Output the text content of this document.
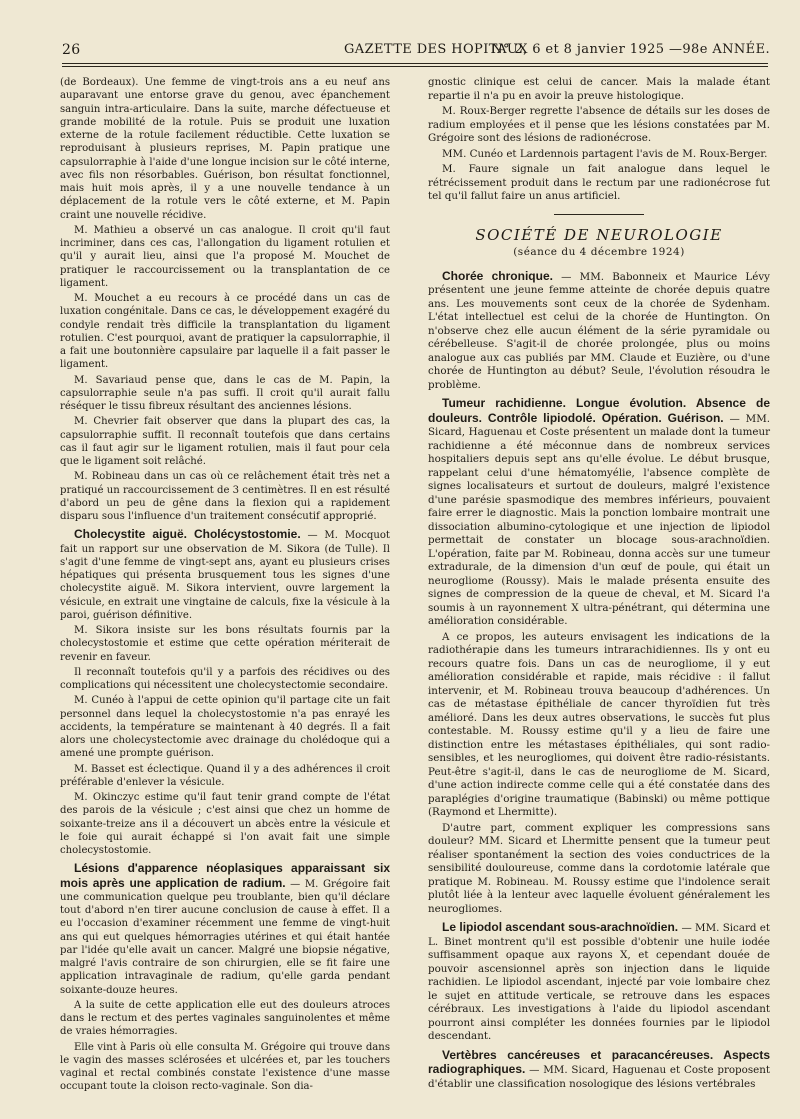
26	GAZETTE DES HOPITAUX
N° 2, 6 et 8 janvier 1925 —98e ANNÉE.

(de Bordeaux). Une femme de vingt-trois ans a eu neuf ans auparavant une entorse grave du genou, avec épanchement sanguin intra-articulaire. Dans la suite, marche défectueuse et grande mobilité de la rotule. Puis se produit une luxation externe de la rotule facilement réductible. Cette luxation se reproduisant à plusieurs reprises, M. Papin pratique une capsulorraphie à l'aide d'une longue incision sur le côté interne, avec fils non résorbables. Guérison, bon résultat fonctionnel, mais huit mois après, il y a une nouvelle tendance à un déplacement de la rotule vers le côté externe, et M. Papin craint une nouvelle récidive.

M. Mathieu a observé un cas analogue. Il croit qu'il faut incriminer, dans ces cas, l'allongation du ligament rotulien et qu'il y aurait lieu, ainsi que l'a proposé M. Mouchet de pratiquer le raccourcissement ou la transplantation de ce ligament.

M. Mouchet a eu recours à ce procédé dans un cas de luxation congénitale. Dans ce cas, le développement exagéré du condyle rendait très difficile la transplantation du ligament rotulien. C'est pourquoi, avant de pratiquer la capsulorraphie, il a fait une boutonnière capsulaire par laquelle il a fait passer le ligament.

M. Savariaud pense que, dans le cas de M. Papin, la capsulorraphie seule n'a pas suffi. Il croit qu'il aurait fallu réséquer le tissu fibreux résultant des anciennes lésions.

M. Chevrier fait observer que dans la plupart des cas, la capsulorraphie suffit. Il reconnaît toutefois que dans certains cas il faut agir sur le ligament rotulien, mais il faut pour cela que le ligament soit relâché.

M. Robineau dans un cas où ce relâchement était très net a pratiqué un raccourcissement de 3 centimètres. Il en est résulté d'abord un peu de gêne dans la flexion qui a rapidement disparu sous l'influence d'un traitement consécutif approprié.

Cholecystite aiguë. Cholécystostomie. — M. Mocquot fait un rapport sur une observation de M. Sikora (de Tulle). Il s'agit d'une femme de vingt-sept ans, ayant eu plusieurs crises hépatiques qui présenta brusquement tous les signes d'une cholecystite aiguë. M. Sikora intervient, ouvre largement la vésicule, en extrait une vingtaine de calculs, fixe la vésicule à la paroi, guérison définitive.

M. Sikora insiste sur les bons résultats fournis par la cholecystostomie et estime que cette opération mériterait de revenir en faveur.

Il reconnaît toutefois qu'il y a parfois des récidives ou des complications qui nécessitent une cholecystectomie secondaire.

M. Cunéo à l'appui de cette opinion qu'il partage cite un fait personnel dans lequel la cholecystostomie n'a pas enrayé les accidents, la température se maintenant à 40 degrés. Il a fait alors une cholecystectomie avec drainage du cholédoque qui a amené une prompte guérison.

M. Basset est éclectique. Quand il y a des adhérences il croit préférable d'enlever la vésicule.

M. Okinczyc estime qu'il faut tenir grand compte de l'état des parois de la vésicule ; c'est ainsi que chez un homme de soixante-treize ans il a découvert un abcès entre la vésicule et le foie qui aurait échappé si l'on avait fait une simple cholecystostomie.

Lésions d'apparence néoplasiques apparaissant six mois après une application de radium. — M. Grégoire fait une communication quelque peu troublante, bien qu'il déclare tout d'abord n'en tirer aucune conclusion de cause à effet. Il a eu l'occasion d'examiner récemment une femme de vingt-huit ans qui eut quelques hémorragies utérines et qui était hantée par l'idée qu'elle avait un cancer. Malgré une biopsie négative, malgré l'avis contraire de son chirurgien, elle se fit faire une application intravaginale de radium, qu'elle garda pendant soixante-douze heures.

A la suite de cette application elle eut des douleurs atroces dans le rectum et des pertes vaginales sanguinolentes et même de vraies hémorragies.

Elle vint à Paris où elle consulta M. Grégoire qui trouve dans le vagin des masses sclérosées et ulcérées et, par les touchers vaginal et rectal combinés constate l'existence d'une masse occupant toute la cloison recto-vaginale. Son dia-

gnostic clinique est celui de cancer. Mais la malade étant repartie il n'a pu en avoir la preuve histologique.

M. Roux-Berger regrette l'absence de détails sur les doses de radium employées et il pense que les lésions constatées par M. Grégoire sont des lésions de radionécrose.

MM. Cunéo et Lardennois partagent l'avis de M. Roux-Berger.

M. Faure signale un fait analogue dans lequel le rétrécissement produit dans le rectum par une radionécrose fut tel qu'il fallut faire un anus artificiel.

SOCIÉTÉ DE NEUROLOGIE
(séance du 4 décembre 1924)

Chorée chronique. — MM. Babonneix et Maurice Lévy présentent une jeune femme atteinte de chorée depuis quatre ans. Les mouvements sont ceux de la chorée de Sydenham. L'état intellectuel est celui de la chorée de Huntington. On n'observe chez elle aucun élément de la série pyramidale ou cérébelleuse. S'agit-il de chorée prolongée, plus ou moins analogue aux cas publiés par MM. Claude et Euzière, ou d'une chorée de Huntington au début? Seule, l'évolution résoudra le problème.

Tumeur rachidienne. Longue évolution. Absence de douleurs. Contrôle lipiodolé. Opération. Guérison. — MM. Sicard, Haguenau et Coste présentent un malade dont la tumeur rachidienne a été méconnue dans de nombreux services hospitaliers depuis sept ans qu'elle évolue. Le début brusque, rappelant celui d'une hématomyélie, l'absence complète de signes localisateurs et surtout de douleurs, malgré l'existence d'une parésie spasmodique des membres inférieurs, pouvaient faire errer le diagnostic. Mais la ponction lombaire montrait une dissociation albumino-cytologique et une injection de lipiodol permettait de constater un blocage sous-arachnoïdien. L'opération, faite par M. Robineau, donna accès sur une tumeur extradurale, de la dimension d'un œuf de poule, qui était un neurogliome (Roussy). Mais le malade présenta ensuite des signes de compression de la queue de cheval, et M. Sicard l'a soumis à un rayonnement X ultra-pénétrant, qui détermina une amélioration considérable.

A ce propos, les auteurs envisagent les indications de la radiothérapie dans les tumeurs intrarachidiennes. Ils y ont eu recours quatre fois. Dans un cas de neurogliome, il y eut amélioration considérable et rapide, mais récidive : il fallut intervenir, et M. Robineau trouva beaucoup d'adhérences. Un cas de métastase épithéliale de cancer thyroïdien fut très amélioré. Dans les deux autres observations, le succès fut plus contestable. M. Roussy estime qu'il y a lieu de faire une distinction entre les métastases épithéliales, qui sont radio-sensibles, et les neurogliomes, qui doivent être radio-résistants. Peut-être s'agit-il, dans le cas de neurogliome de M. Sicard, d'une action indirecte comme celle qui a été constatée dans des paraplégies d'origine traumatique (Babinski) ou même pottique (Raymond et Lhermitte).

D'autre part, comment expliquer les compressions sans douleur? MM. Sicard et Lhermitte pensent que la tumeur peut réaliser spontanément la section des voies conductrices de la sensibilité douloureuse, comme dans la cordotomie latérale que pratique M. Robineau. M. Roussy estime que l'indolence serait plutôt liée à la lenteur avec laquelle évoluent généralement les neurogliomes.

Le lipiodol ascendant sous-arachnoïdien. — MM. Sicard et L. Binet montrent qu'il est possible d'obtenir une huile iodée suffisamment opaque aux rayons X, et cependant douée de pouvoir ascensionnel après son injection dans le liquide rachidien. Le lipiodol ascendant, injecté par voie lombaire chez le sujet en attitude verticale, se retrouve dans les espaces cérébraux. Les investigations à l'aide du lipiodol ascendant pourront ainsi compléter les données fournies par le lipiodol descendant.

Vertèbres cancéreuses et paracancéreuses. Aspects radiographiques. — MM. Sicard, Haguenau et Coste proposent d'établir une classification nosologique des lésions vertébrales
